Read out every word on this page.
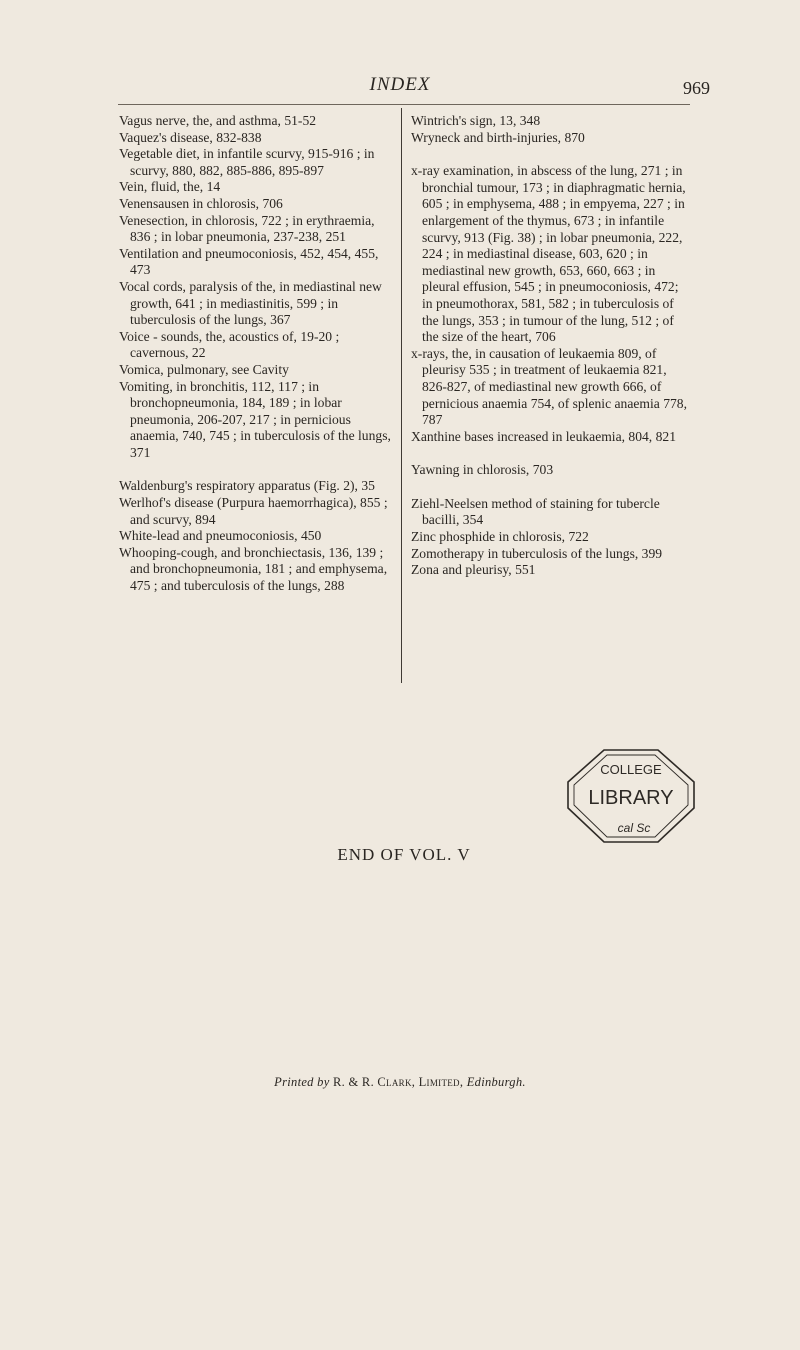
INDEX	969
Vagus nerve, the, and asthma, 51-52
Vaquez's disease, 832-838
Vegetable diet, in infantile scurvy, 915-916 ; in scurvy, 880, 882, 885-886, 895-897
Vein, fluid, the, 14
Venensausen in chlorosis, 706
Venesection, in chlorosis, 722 ; in erythraemia, 836 ; in lobar pneumonia, 237-238, 251
Ventilation and pneumoconiosis, 452, 454, 455, 473
Vocal cords, paralysis of the, in mediastinal new growth, 641 ; in mediastinitis, 599 ; in tuberculosis of the lungs, 367
Voice - sounds, the, acoustics of, 19-20 ; cavernous, 22
Vomica, pulmonary, see Cavity
Vomiting, in bronchitis, 112, 117 ; in bronchopneumonia, 184, 189 ; in lobar pneumonia, 206-207, 217 ; in pernicious anaemia, 740, 745 ; in tuberculosis of the lungs, 371
Waldenburg's respiratory apparatus (Fig. 2), 35
Werlhof's disease (Purpura haemorrhagica), 855 ; and scurvy, 894
White-lead and pneumoconiosis, 450
Whooping-cough, and bronchiectasis, 136, 139 ; and bronchopneumonia, 181 ; and emphysema, 475 ; and tuberculosis of the lungs, 288
Wintrich's sign, 13, 348
Wryneck and birth-injuries, 870
x-ray examination, in abscess of the lung, 271 ; in bronchial tumour, 173 ; in diaphragmatic hernia, 605 ; in emphysema, 488 ; in empyema, 227 ; in enlargement of the thymus, 673 ; in infantile scurvy, 913 (Fig. 38) ; in lobar pneumonia, 222, 224 ; in mediastinal disease, 603, 620 ; in mediastinal new growth, 653, 660, 663 ; in pleural effusion, 545 ; in pneumoconiosis, 472; in pneumothorax, 581, 582 ; in tuberculosis of the lungs, 353 ; in tumour of the lung, 512 ; of the size of the heart, 706
x-rays, the, in causation of leukaemia 809, of pleurisy 535 ; in treatment of leukaemia 821, 826-827, of mediastinal new growth 666, of pernicious anaemia 754, of splenic anaemia 778, 787
Xanthine bases increased in leukaemia, 804, 821
Yawning in chlorosis, 703
Ziehl-Neelsen method of staining for tubercle bacilli, 354
Zinc phosphide in chlorosis, 722
Zomotherapy in tuberculosis of the lungs, 399
Zona and pleurisy, 551
COLLEGE
LIBRARY
cal Sc
END OF VOL. V
Printed by R. & R. Clark, Limited, Edinburgh.
